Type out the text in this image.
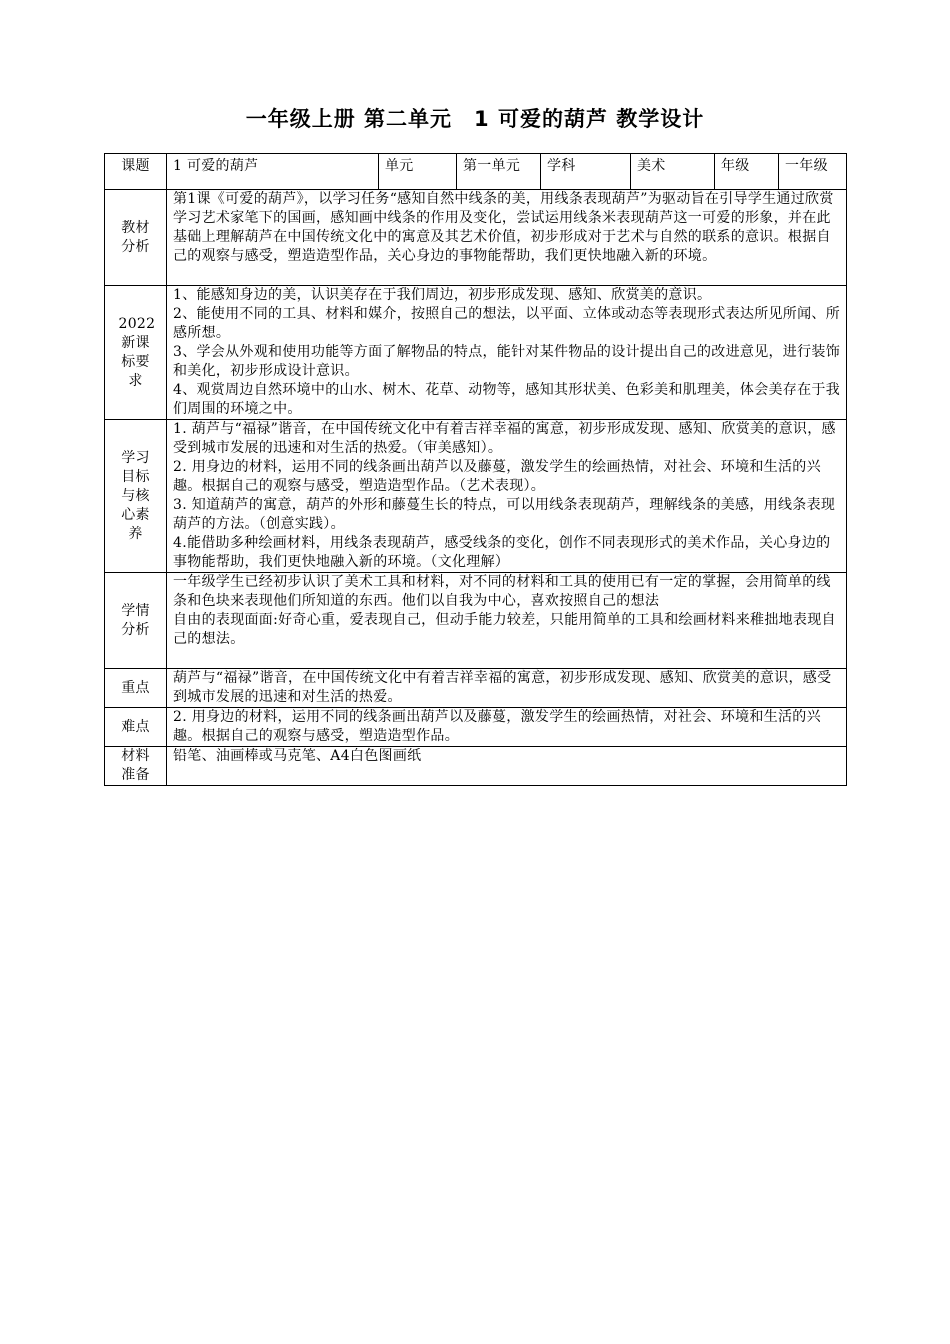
一年级上册 第二单元　1 可爱的葫芦 教学设计
课题	1 可爱的葫芦	单元	第一单元	学科	美术	年级	一年级
教材分析	第1课《可爱的葫芦》，以学习任务“感知自然中线条的美，用线条表现葫芦”为驱动旨在引导学生通过欣赏学习艺术家笔下的国画，感知画中线条的作用及变化，尝试运用线条米表现葫芦这一可爱的形象，并在此基础上理解葫芦在中国传统文化中的寓意及其艺术价值，初步形成对于艺术与自然的联系的意识。根据自己的观察与感受，塑造造型作品，关心身边的事物能帮助，我们更快地融入新的环境。						

2022新课标要求	1、能感知身边的美，认识美存在于我们周边，初步形成发现、感知、欣赏美的意识。
2、能使用不同的工具、材料和媒介，按照自己的想法，以平面、立体或动态等表现形式表达所见所闻、所感所想。
3、学会从外观和使用功能等方面了解物品的特点，能针对某件物品的设计提出自己的改进意见，进行装饰和美化，初步形成设计意识。
4、观赏周边自然环境中的山水、树木、花草、动物等，感知其形状美、色彩美和肌理美，体会美存在于我们周围的环境之中。						

学习目标与核心素养	1. 葫芦与“福禄”谐音，在中国传统文化中有着吉祥幸福的寓意，初步形成发现、感知、欣赏美的意识，感受到城市发展的迅速和对生活的热爱。（审美感知）。
2. 用身边的材料，运用不同的线条画出葫芦以及藤蔓，激发学生的绘画热情，对社会、环境和生活的兴趣。根据自己的观察与感受，塑造造型作品。（艺术表现）。
3. 知道葫芦的寓意，葫芦的外形和藤蔓生长的特点，可以用线条表现葫芦，理解线条的美感，用线条表现葫芦的方法。（创意实践）。
4.能借助多种绘画材料，用线条表现葫芦，感受线条的变化，创作不同表现形式的美术作品，关心身边的事物能帮助，我们更快地融入新的环境。（文化理解）						

学情分析	一年级学生已经初步认识了美术工具和材料，对不同的材料和工具的使用已有一定的掌握，会用简单的线条和色块来表现他们所知道的东西。他们以自我为中心，喜欢按照自己的想法
自由的表现面面:好奇心重，爱表现自己，但动手能力较差，只能用简单的工具和绘画材料来稚拙地表现自己的想法。						

重点	葫芦与“福禄”谐音，在中国传统文化中有着吉祥幸福的寓意，初步形成发现、感知、欣赏美的意识，感受到城市发展的迅速和对生活的热爱。						

难点	2. 用身边的材料，运用不同的线条画出葫芦以及藤蔓，激发学生的绘画热情，对社会、环境和生活的兴趣。根据自己的观察与感受，塑造造型作品。						

材料准备	铅笔、油画棒或马克笔、A4白色图画纸						
